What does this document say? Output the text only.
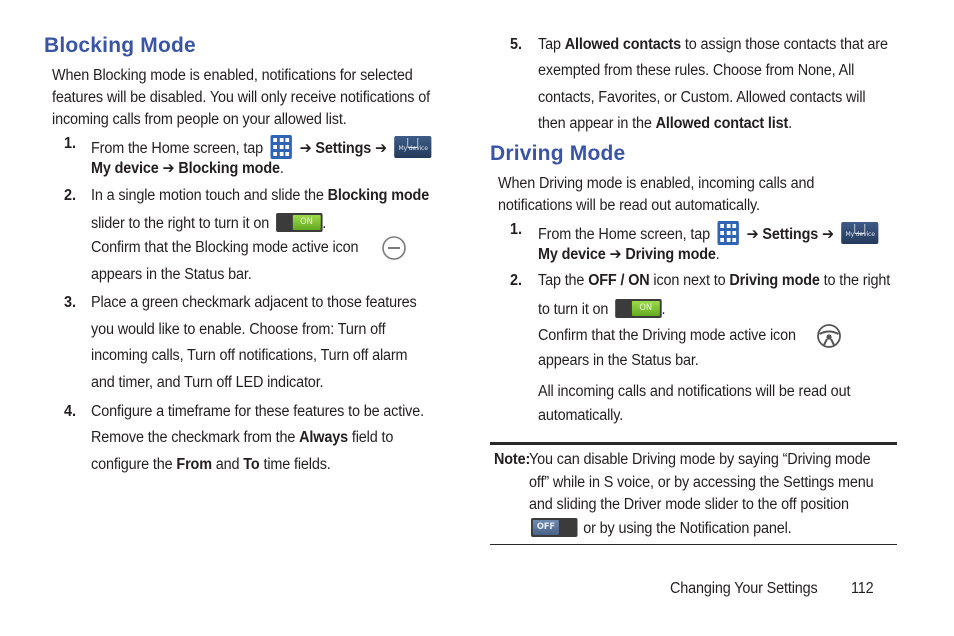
Blocking Mode
When Blocking mode is enabled, notifications for selected
features will be disabled. You will only receive notifications of
incoming calls from people on your allowed list.
1. From the Home screen, tap ➔ Settings ➔	My device
My device ➔ Blocking mode.
2. In a single motion touch and slide the Blocking mode
slider to the right to turn it on	ON .
Confirm that the Blocking mode active icon
appears in the Status bar.
3. Place a green checkmark adjacent to those features
you would like to enable. Choose from: Turn off
incoming calls, Turn off notifications, Turn off alarm
and timer, and Turn off LED indicator.
4. Configure a timeframe for these features to be active.
Remove the checkmark from the Always field to
configure the From and To time fields.
5. Tap Allowed contacts to assign those contacts that are
exempted from these rules. Choose from None, All
contacts, Favorites, or Custom. Allowed contacts will
then appear in the Allowed contact list.
Driving Mode
When Driving mode is enabled, incoming calls and
notifications will be read out automatically.
1. From the Home screen, tap ➔ Settings ➔	My device
My device ➔ Driving mode.
2. Tap the OFF / ON icon next to Driving mode to the right
to turn it on	ON .
Confirm that the Driving mode active icon
appears in the Status bar.
All incoming calls and notifications will be read out
automatically.
Note:
You can disable Driving mode by saying “Driving mode
off” while in S voice, or by accessing the Settings menu
and sliding the Driver mode slider to the off position
OFF or by using the Notification panel.
Changing Your Settings 112
